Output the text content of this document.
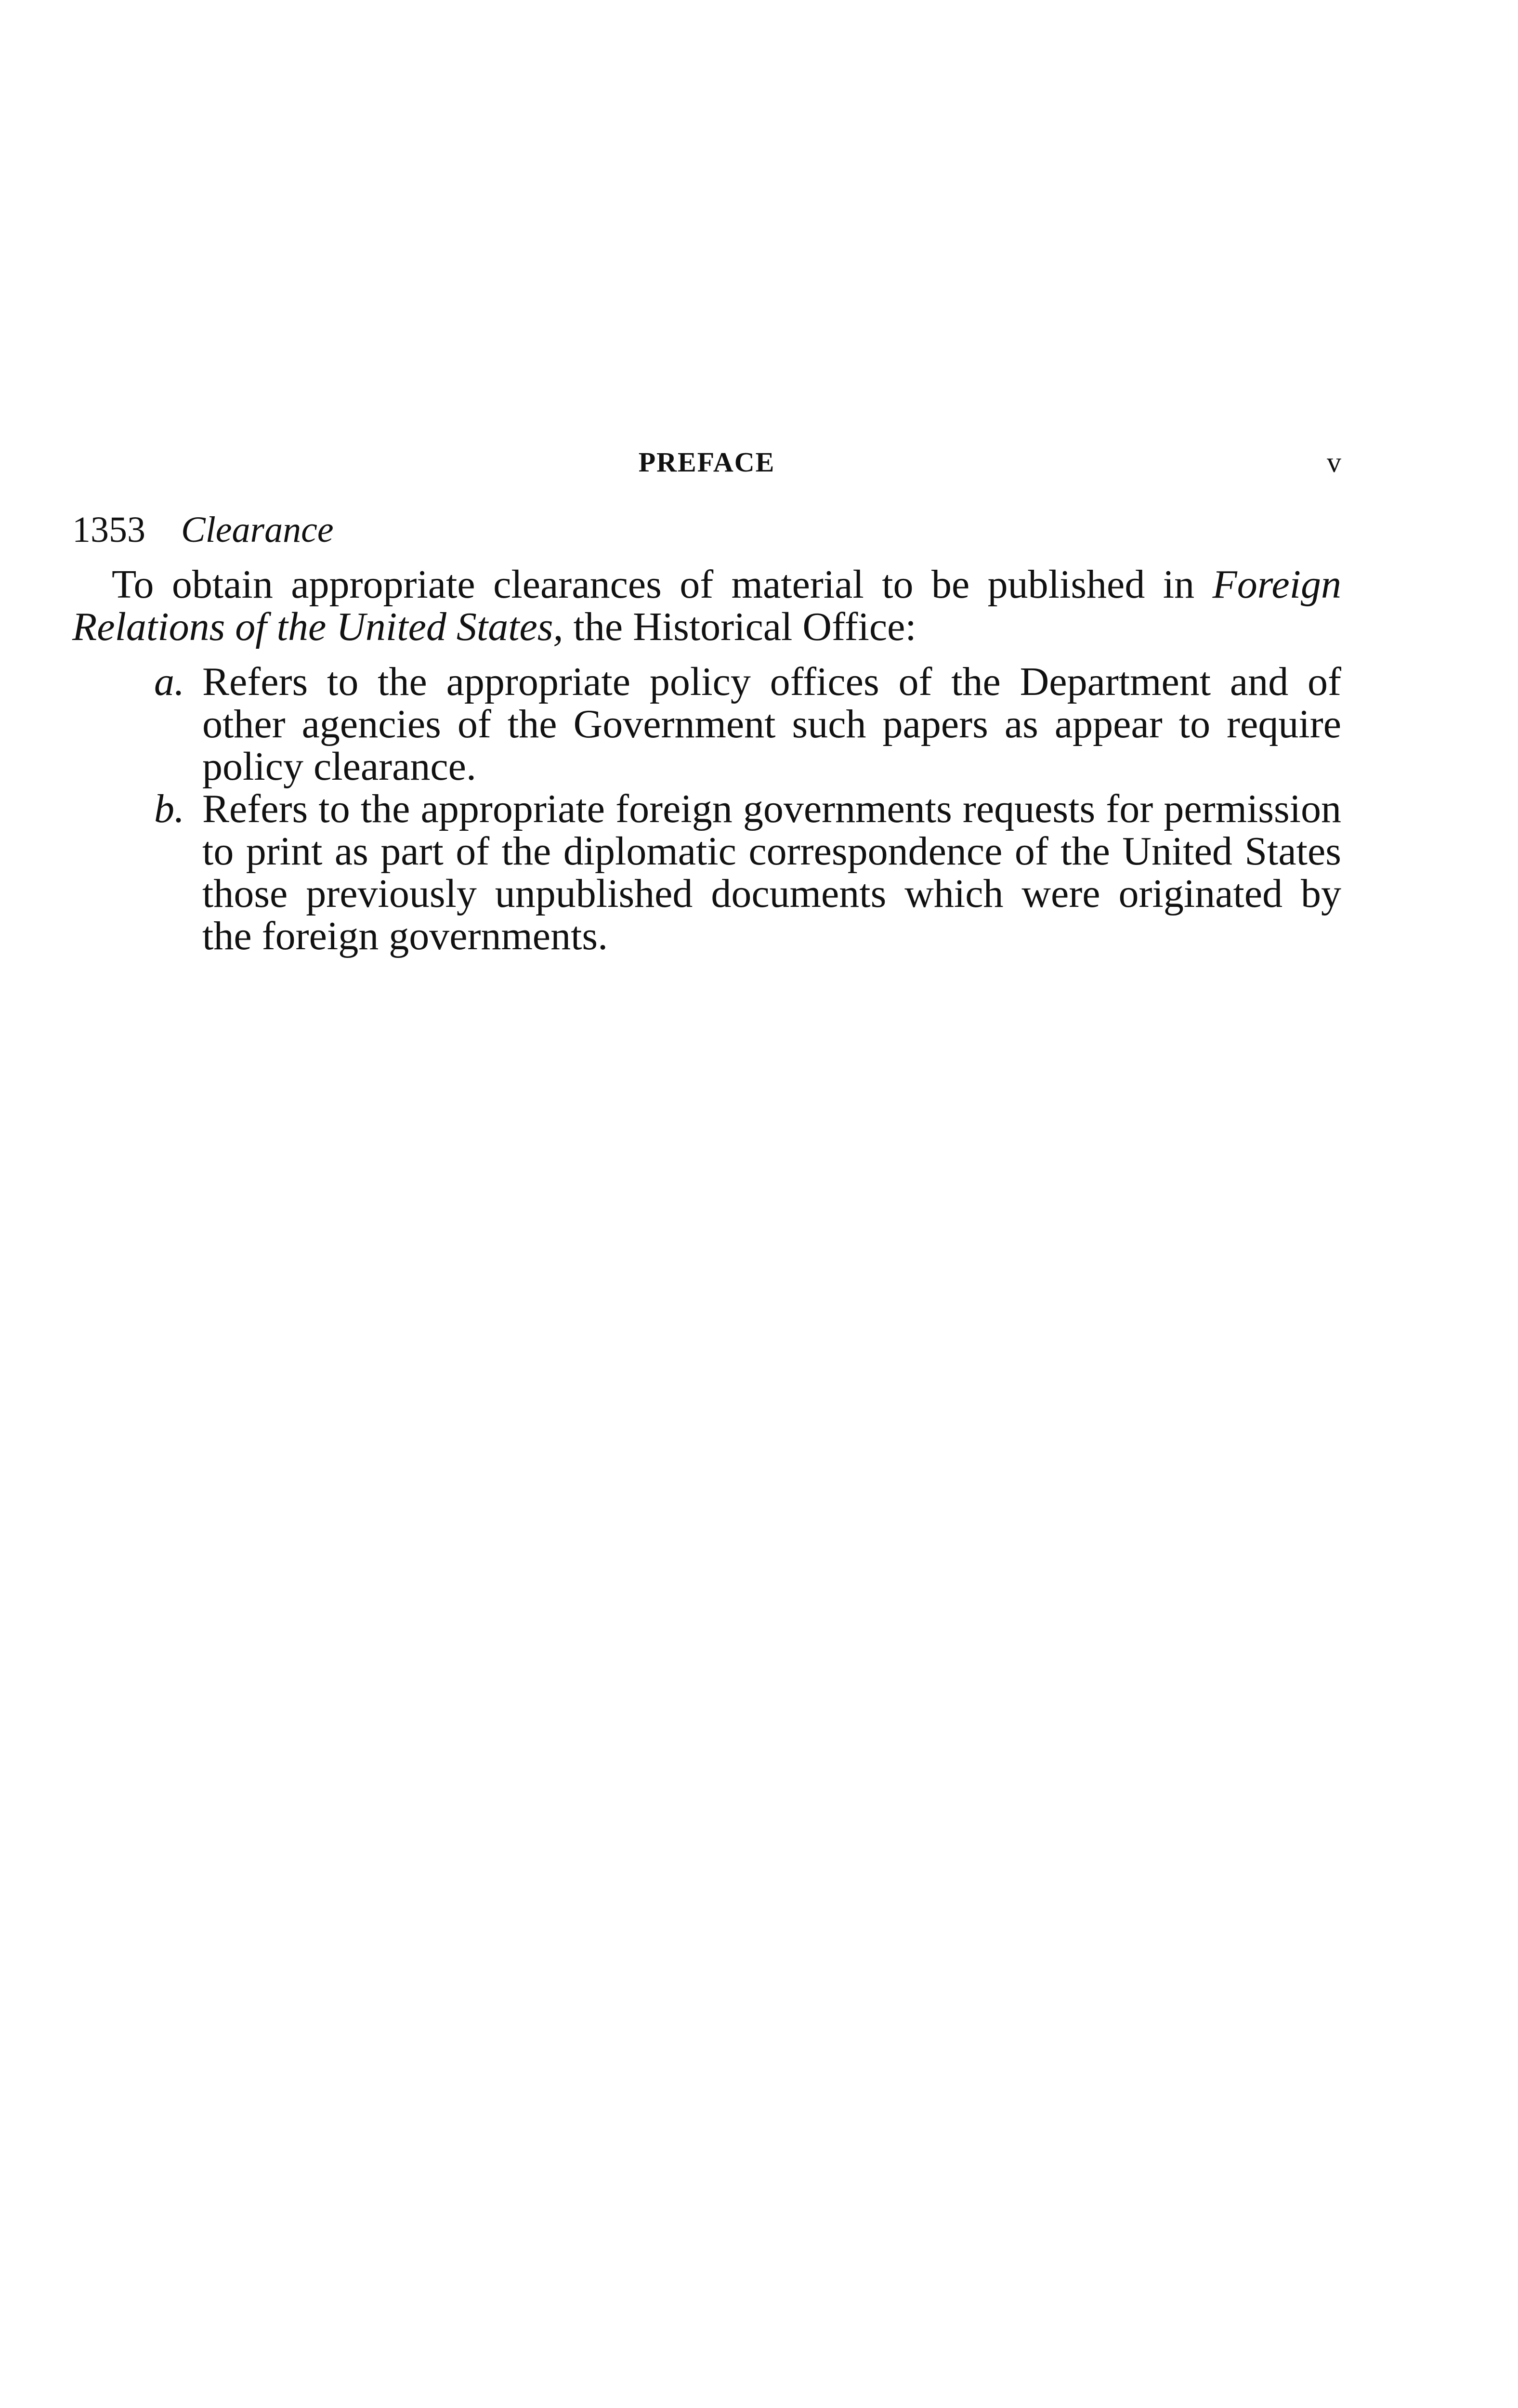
PREFACE	v
1353 Clearance

To obtain appropriate clearances of material to be published in Foreign Relations of the United States, the Historical Office:

a. Refers to the appropriate policy offices of the Department and of other agencies of the Government such papers as appear to require policy clearance.
b. Refers to the appropriate foreign governments requests for permission to print as part of the diplomatic correspondence of the United States those previously unpublished documents which were originated by the foreign governments.
